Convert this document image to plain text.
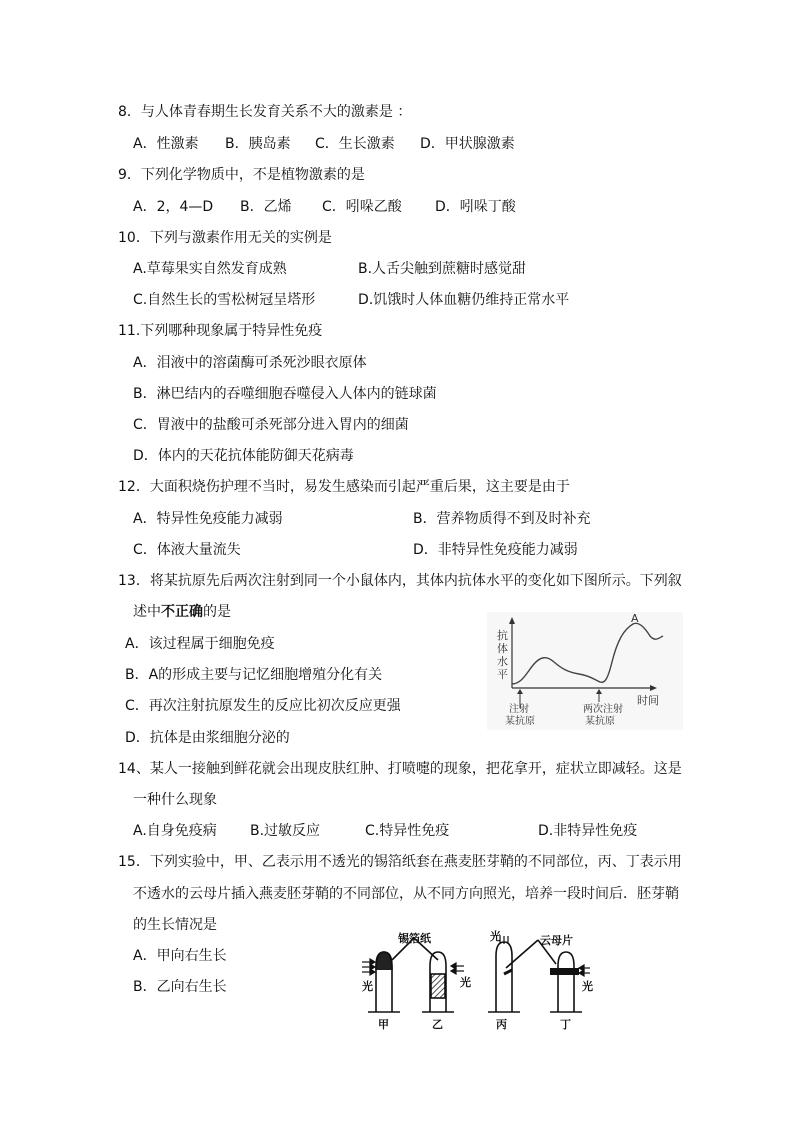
8．与人体青春期生长发育关系不大的激素是 ：
A．性激素 B．胰岛素 C．生长激素 D．甲状腺激素
9．下列化学物质中，不是植物激素的是
A．2，4—D B．乙烯 C．吲哚乙酸 D．吲哚丁酸
10．下列与激素作用无关的实例是
A.草莓果实自然发育成熟	B.人舌尖触到蔗糖时感觉甜
C.自然生长的雪松树冠呈塔形	D.饥饿时人体血糖仍维持正常水平
11.下列哪种现象属于特异性免疫
A．泪液中的溶菌酶可杀死沙眼衣原体
B．淋巴结内的吞噬细胞吞噬侵入人体内的链球菌
C．胃液中的盐酸可杀死部分进入胃内的细菌
D．体内的天花抗体能防御天花病毒
12．大面积烧伤护理不当时，易发生感染而引起严重后果，这主要是由于
A．特异性免疫能力减弱	B．营养物质得不到及时补充
C．体液大量流失	D．非特异性免疫能力减弱
13．将某抗原先后两次注射到同一个小鼠体内，其体内抗体水平的变化如下图所示。下列叙
述中不正确的是
A．该过程属于细胞免疫
B．A的形成主要与记忆细胞增殖分化有关
C．再次注射抗原发生的反应比初次反应更强
D．抗体是由浆细胞分泌的
抗
体
水
平
A
时间
注射
某抗原
两次注射
某抗原
14、某人一接触到鲜花就会出现皮肤红肿、打喷嚏的现象，把花拿开，症状立即减轻。这是
一种什么现象
A.自身免疫病 B.过敏反应	C.特异性免疫	D.非特异性免疫
15．下列实验中，甲、乙表示用不透光的锡箔纸套在燕麦胚芽鞘的不同部位，丙、丁表示用
不透水的云母片插入燕麦胚芽鞘的不同部位，从不同方向照光，培养一段时间后．胚芽鞘
的生长情况是
A．甲向右生长
B．乙向右生长
锡箔纸	云母片
光	光
光
光
甲	乙	丙	丁
